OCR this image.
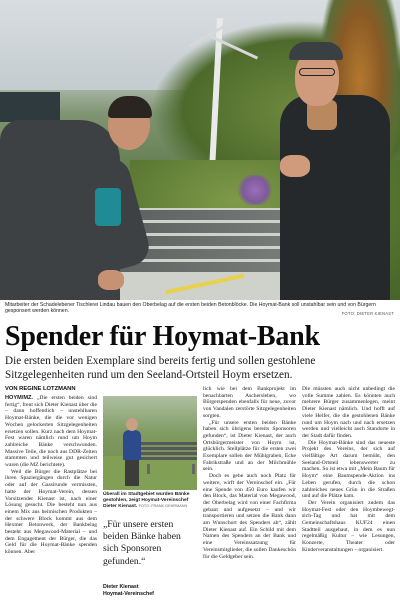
Mitarbeiter der Schadelebener Tischlerei Lindau bauen den Oberbelag auf die ersten beiden Betonblöcke. Die Hoymat-Bank soll unstahlbar sein und von Bürgern gesponsert werden können.	FOTO: DIETER KIENAST
Spender für Hoymat-Bank
Die ersten beiden Exemplare sind bereits fertig und sollen gestohlene Sitzgelegenheiten rund um den Seeland-Ortsteil Hoym ersetzen.
VON REGINE LOTZMANN

HOYM/MZ. „Die ersten beiden sind fertig“, freut sich Dieter Kienast über die – dann hoffentlich – unstehlbaren Hoymat-Bänke, die die vor wenigen Wochen gelockerten Sitzgelegenheiten ersetzen sollen. Kurz nach dem Hoymat-Fest waren nämlich rund um Hoym zahlreiche Bänke verschwunden. Massive Teile, die noch aus DDR-Zeiten stammten und teilweise gut gesichert waren (die MZ berichtete).

Weil die Bürger die Rastplätze bei ihren Spaziergängen durch die Natur oder auf der Gassirunde vermissten, hatte der Hoymat-Verein, dessen Vorsitzender Kienast ist, nach einer Lösung gesucht. Die besteht nun aus einem Mix aus heimischen Produkten – der schwere Block kommt aus dem Hexmer Betonwerk, der Bankbelag besteht aus Megawood-Material – und dem Engagement der Bürger, die das Geld für die Hoymat-Bänke spenden können. Aber

Überall im Stadtgebiet wurden Bänke gestohlen, zeigt Hoymat-Vereinschef Dieter Kienast. FOTO: FRANK GEHRMANN
„Für unsere ersten beiden Bänke haben sich Sponsoren gefunden.“
Dieter Kienast
Hoymat-Vereinschef

lich wie bei dem Bankprojekt im benachbarten Aschersleben, wo Bürgerspenden ebenfalls für neue, zuvor von Vandalen zerstörte Sitzgelegenheiten sorgten.

„Für unsere ersten beiden Bänke haben sich übrigens bereits Sponsoren gefunden“, ist Dieter Kienast, der auch Ortsbürgermeister von Hoym ist, glücklich. Stellplätze für die ersten zwei Exemplare sollen der Mühlgraben, Ecke Fabrikstraße und an der Milchmühle sein.

Doch es gebe auch noch Platz für weitere, wirft der Vereinschef ein. „Für eine Spende von 450 Euro kaufen wir den Block, das Material von Megawood, der Oberbelag wird von einer Fachfirma gebaut und aufgesetzt – und wir transportieren und setzen die Bank dann am Wunschort des Spenders ab“, zählt Dieter Kienast auf. Ein Schild mit dem Namen des Spenders an der Bank und eine Vereinssatzung für Vereinsmitglieder, die sollen Dankeschön für die Geldgeber sein.

Die müssten auch nicht unbedingt die volle Summe zahlen. Es könnten auch mehrere Bürger zusammenlegen, meint Dieter Kienast nämlich. Und hofft auf viele Helfer, die die gestohlenen Bänke rund um Hoym nach und nach ersetzen werden und vielleicht auch Standorte in der Stadt dafür finden.

Die Hoymat-Bänke sind das neueste Projekt des Vereins, der sich auf vielfältige Art darum bemüht, den Seeland-Ortsteil lebenswerter zu machen. So ist etwa mit „Mein Baum für Hoym“ eine Baumspende-Aktion ins Leben gerufen, durch die schon zahlreiches neues Grün in die Straßen und auf die Plätze kam.

Der Verein organisiert zudem das Hoymat-Fest oder den Hoymbewegt-sich-Tag und hat mit dem Gemeinschaftshaus KUF24 einen Stadtteil ausgebaut, in dem es nun regelmäßig Kultur – wie Lesungen, Konzerte, Theater oder Kinderveranstaltungen – organisiert.
